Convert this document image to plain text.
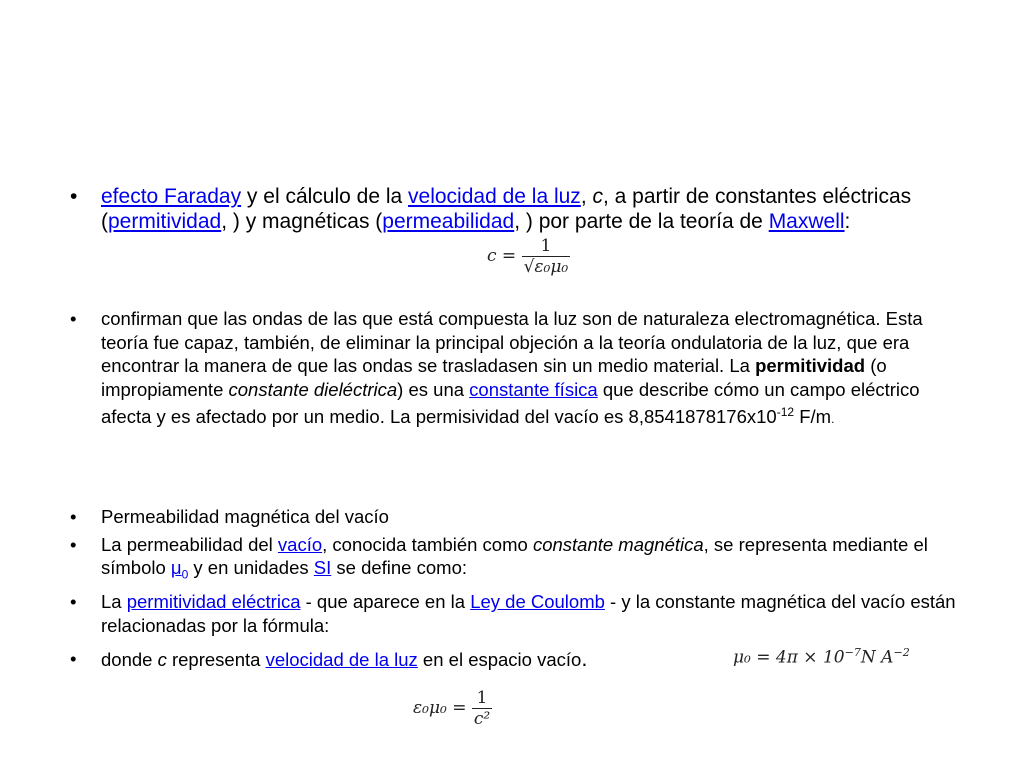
• efecto Faraday y el cálculo de la velocidad de la luz, c, a partir de constantes eléctricas (permitividad, ) y magnéticas (permeabilidad, ) por parte de la teoría de Maxwell:
$c = \frac{1}{\text{√ε₀μ₀}}$
• confirman que las ondas de las que está compuesta la luz son de naturaleza electromagnética. Esta teoría fue capaz, también, de eliminar la principal objeción a la teoría ondulatoria de la luz, que era encontrar la manera de que las ondas se trasladasen sin un medio material. La permitividad (o impropiamente constante dieléctrica) es una constante física que describe cómo un campo eléctrico afecta y es afectado por un medio. La permisividad del vacío es $8,8541878176x10^{-12}$ F/m.
• Permeabilidad magnética del vacío
• La permeabilidad del vacío, conocida también como constante magnética, se representa mediante el símbolo $\mu_0$ y en unidades SI se define como:
• La permitividad eléctrica - que aparece en la Ley de Coulomb - y la constante magnética del vacío están relacionadas por la fórmula:
• donde c representa velocidad de la luz en el espacio vacío.	$\mu_0 = 4\pi \times 10^{-7}N$ $A^{-2}$
$\varepsilon_0\mu_0 = \frac{1}{\text{c²}}$
